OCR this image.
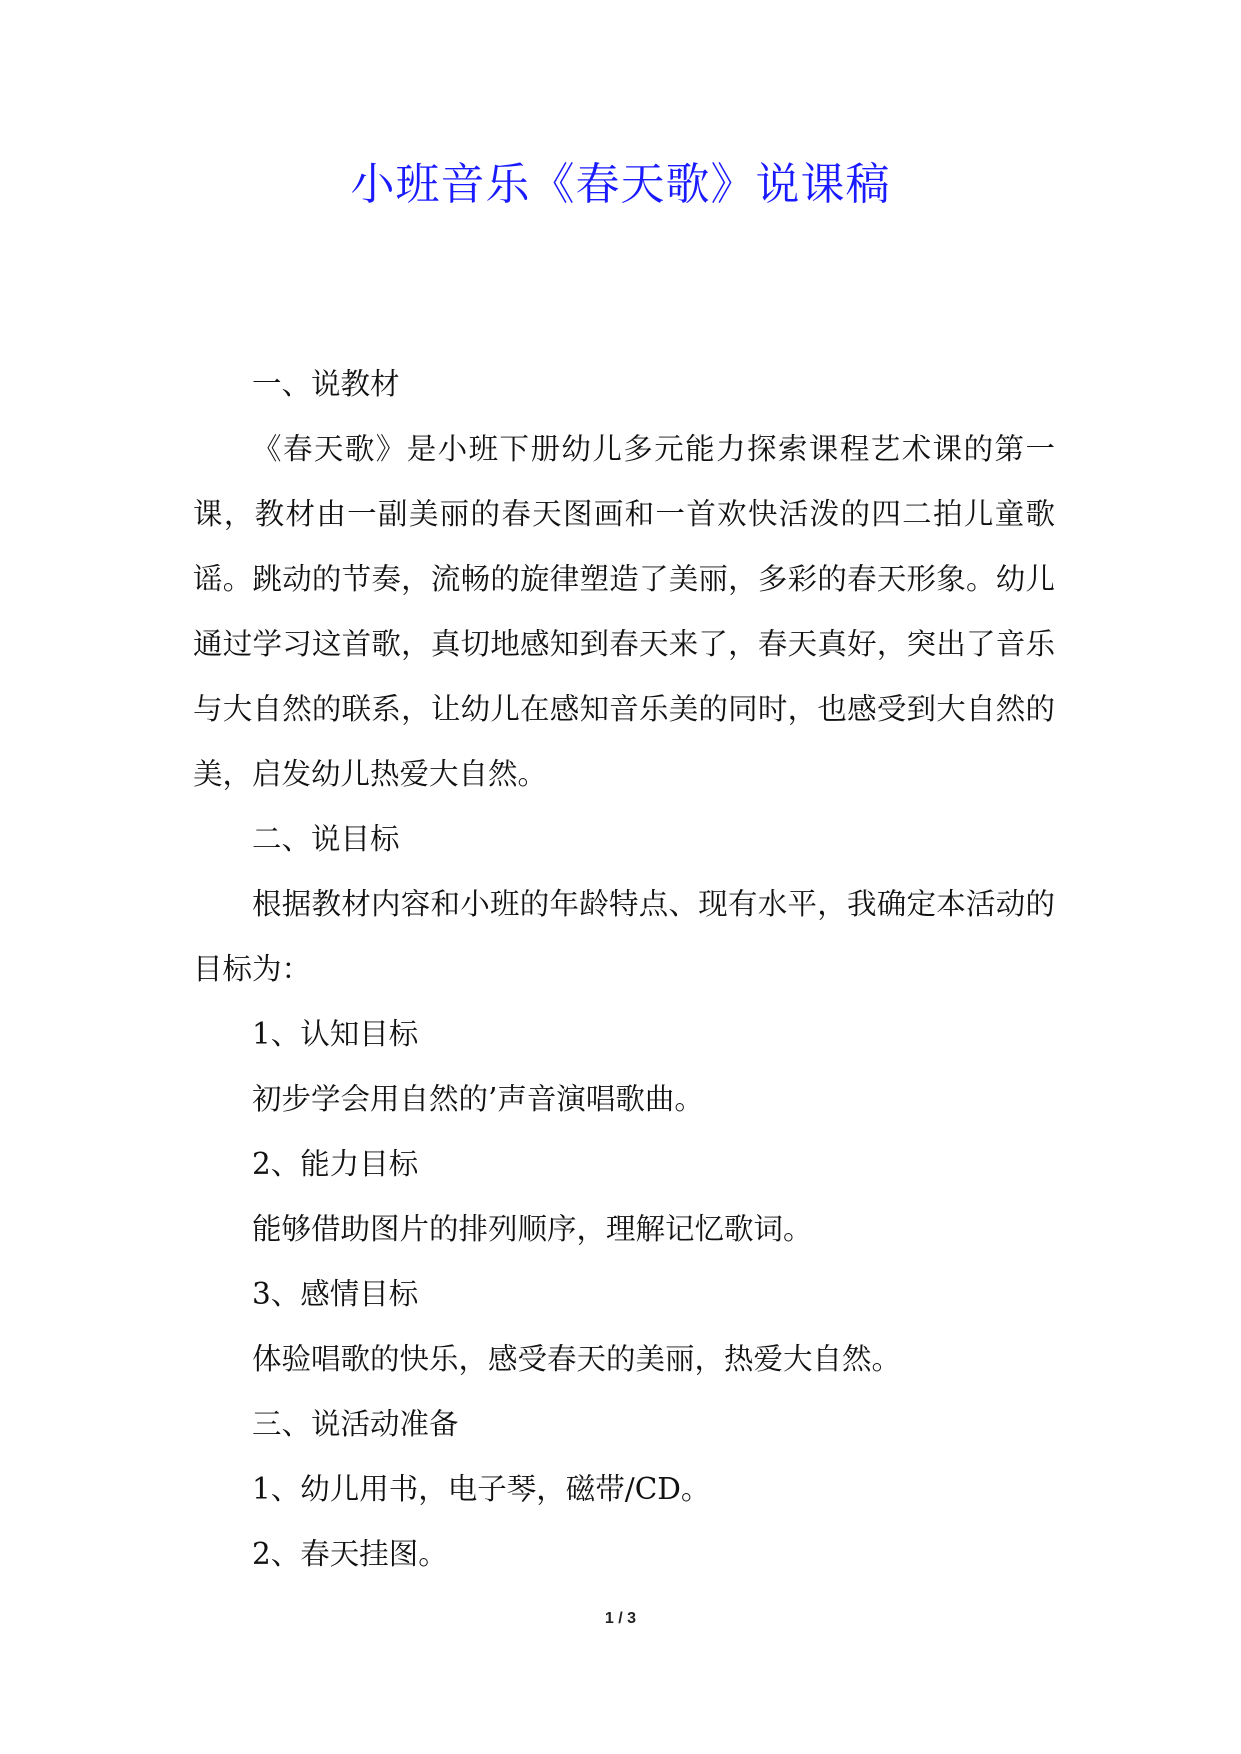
小班音乐《春天歌》说课稿

一、说教材

《春天歌》是小班下册幼儿多元能力探索课程艺术课的第一课，教材由一副美丽的春天图画和一首欢快活泼的四二拍儿童歌谣。跳动的节奏，流畅的旋律塑造了美丽，多彩的春天形象。幼儿通过学习这首歌，真切地感知到春天来了，春天真好，突出了音乐与大自然的联系，让幼儿在感知音乐美的同时，也感受到大自然的美，启发幼儿热爱大自然。

二、说目标

根据教材内容和小班的年龄特点、现有水平，我确定本活动的目标为：

1、认知目标

初步学会用自然的’声音演唱歌曲。

2、能力目标

能够借助图片的排列顺序，理解记忆歌词。

3、感情目标

体验唱歌的快乐，感受春天的美丽，热爱大自然。

三、说活动准备

1、幼儿用书，电子琴，磁带/CD。

2、春天挂图。

1 / 3
